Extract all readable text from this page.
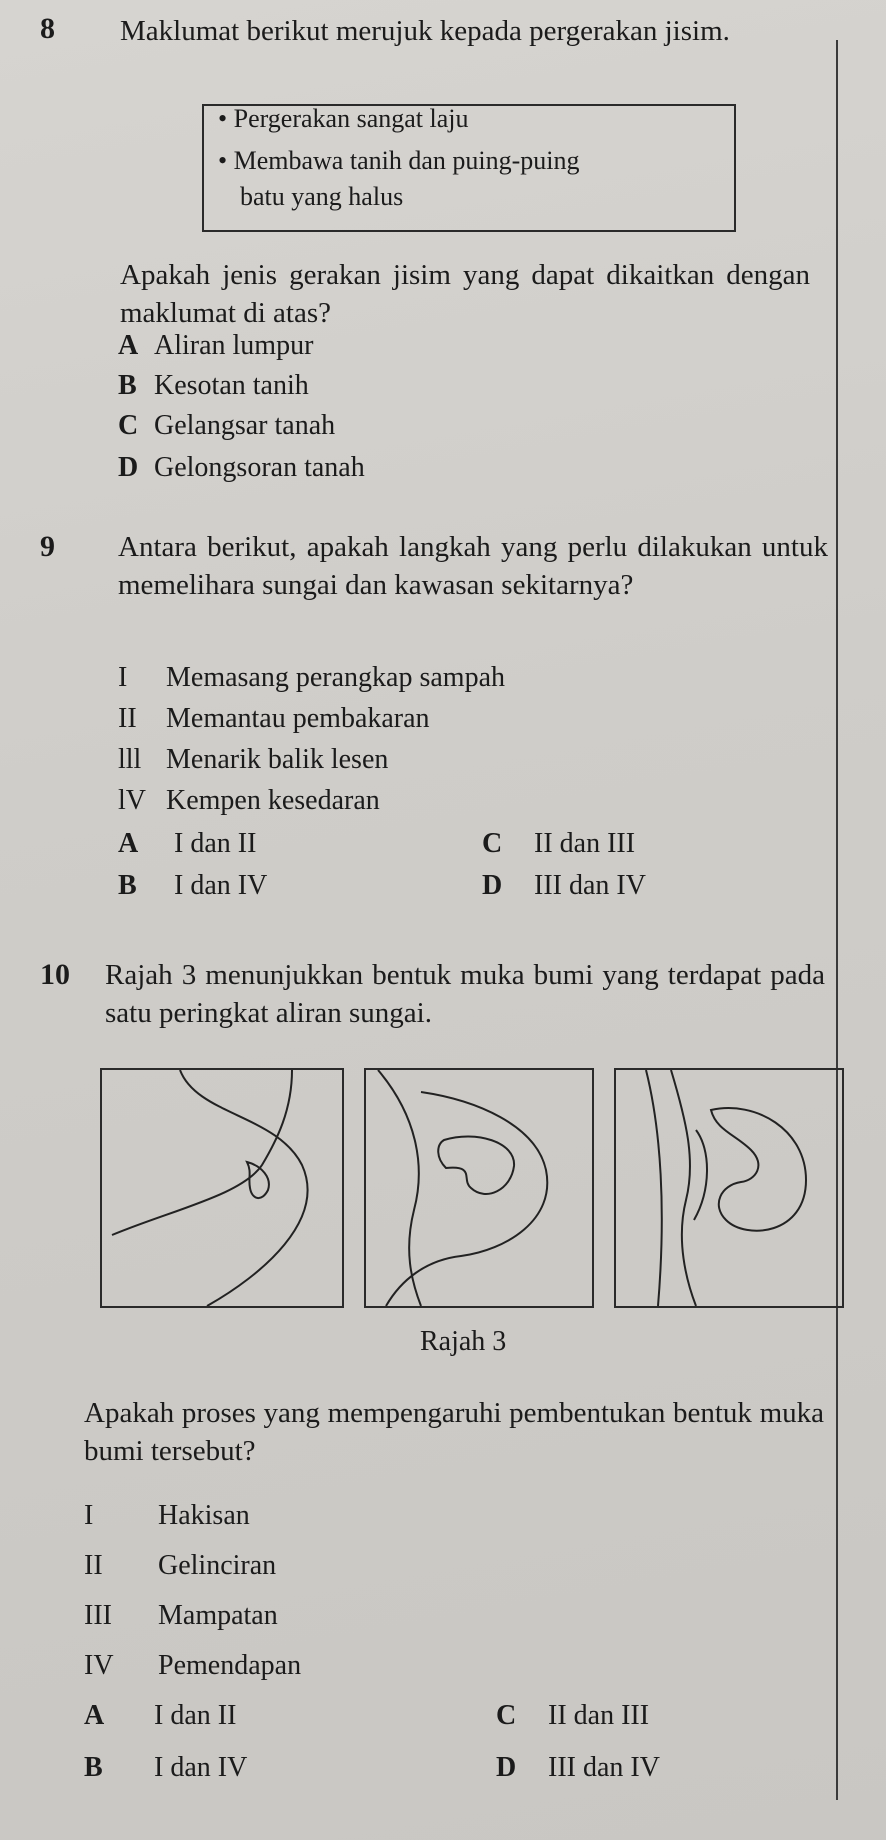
8 Maklumat berikut merujuk kepada pergerakan jisim.
• Pergerakan sangat laju
• Membawa tanih dan puing-puing
batu yang halus
Apakah jenis gerakan jisim yang dapat dikaitkan dengan maklumat di atas?
A Aliran lumpur
B Kesotan tanih
C Gelangsar tanah
D Gelongsoran tanah
9 Antara berikut, apakah langkah yang perlu dilakukan untuk memelihara sungai dan kawasan sekitarnya?
I Memasang perangkap sampah
II Memantau pembakaran
lll Menarik balik lesen
lV Kempen kesedaran
A I dan II
B I dan IV
C II dan III
D III dan IV
10 Rajah 3 menunjukkan bentuk muka bumi yang terdapat pada satu peringkat aliran sungai.
Rajah 3
Apakah proses yang mempengaruhi pembentukan bentuk muka bumi tersebut?
I Hakisan
II Gelinciran
III Mampatan
IV Pemendapan
A I dan II
B I dan IV
C II dan III
D III dan IV
